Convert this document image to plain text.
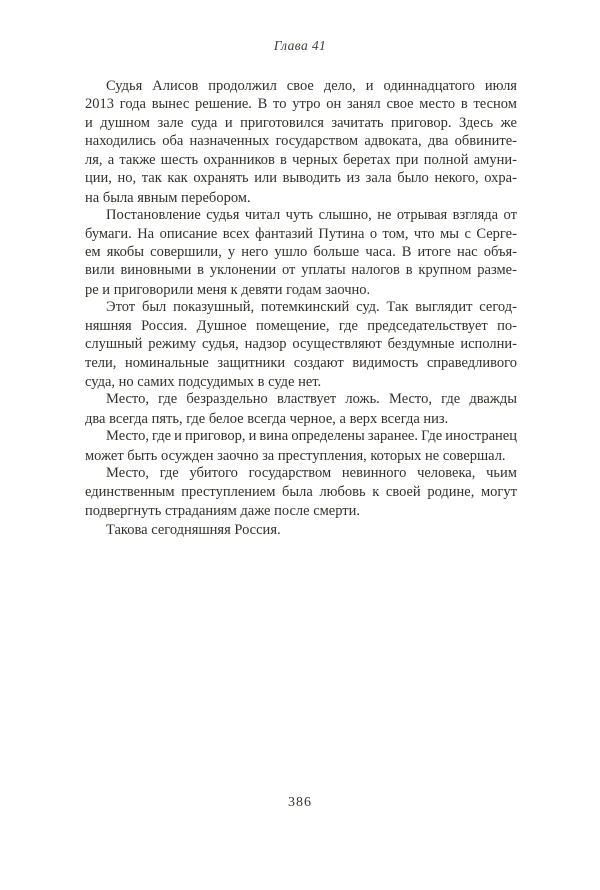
Глава 41
Судья Алисов продолжил свое дело, и одиннадцатого июля
2013 года вынес решение. В то утро он занял свое место в тесном
и душном зале суда и приготовился зачитать приговор. Здесь же
находились оба назначенных государством адвоката, два обвините-
ля, а также шесть охранников в черных беретах при полной амуни-
ции, но, так как охранять или выводить из зала было некого, охра-
на была явным перебором.
Постановление судья читал чуть слышно, не отрывая взгляда от
бумаги. На описание всех фантазий Путина о том, что мы с Серге-
ем якобы совершили, у него ушло больше часа. В итоге нас объя-
вили виновными в уклонении от уплаты налогов в крупном разме-
ре и приговорили меня к девяти годам заочно.
Этот был показушный, потемкинский суд. Так выглядит сегод-
няшняя Россия. Душное помещение, где председательствует по-
слушный режиму судья, надзор осуществляют бездумные исполни-
тели, номинальные защитники создают видимость справедливого
суда, но самих подсудимых в суде нет.
Место, где безраздельно властвует ложь. Место, где дважды
два всегда пять, где белое всегда черное, а верх всегда низ.
Место, где и приговор, и вина определены заранее. Где иностранец
может быть осужден заочно за преступления, которых не совершал.
Место, где убитого государством невинного человека, чьим
единственным преступлением была любовь к своей родине, могут
подвергнуть страданиям даже после смерти.
Такова сегодняшняя Россия.
386
